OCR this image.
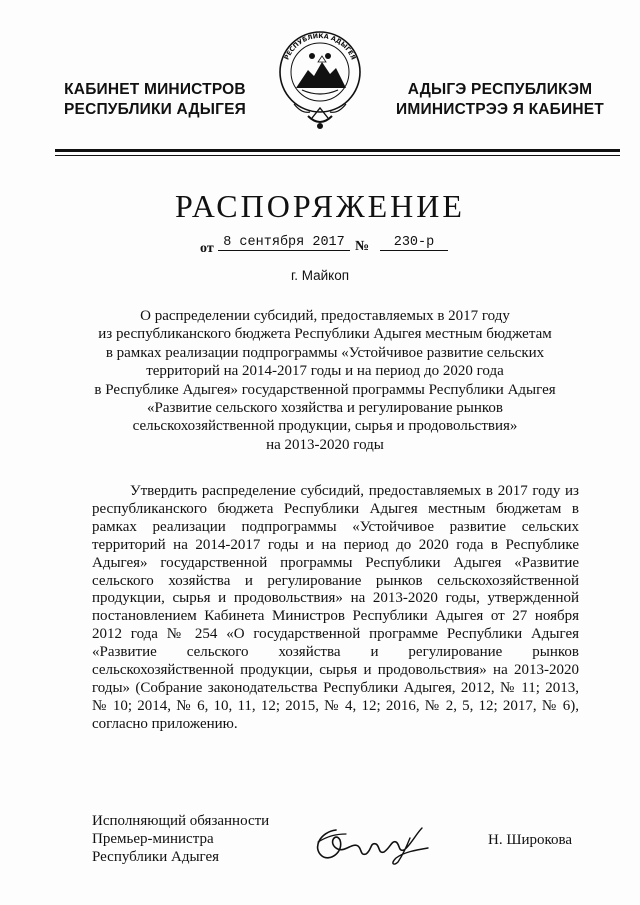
КАБИНЕТ МИНИСТРОВ
РЕСПУБЛИКИ АДЫГЕЯ
РЕСПУБЛИКА АДЫГЕЯ
АДЫГЭ РЕСПУБЛИКЭМ
ИМИНИСТРЭЭ Я КАБИНЕТ
РАСПОРЯЖЕНИЕ
от 8 сентября 2017 №	230-р
г. Майкоп
О распределении субсидий, предоставляемых в 2017 году
из республиканского бюджета Республики Адыгея местным бюджетам
в рамках реализации подпрограммы «Устойчивое развитие сельских
территорий на 2014-2017 годы и на период до 2020 года
в Республике Адыгея» государственной программы Республики Адыгея
«Развитие сельского хозяйства и регулирование рынков
сельскохозяйственной продукции, сырья и продовольствия»
на 2013-2020 годы
Утвердить распределение субсидий, предоставляемых в 2017 году из
республиканского бюджета Республики Адыгея местным бюджетам в
рамках реализации подпрограммы «Устойчивое развитие сельских
территорий на 2014-2017 годы и на период до 2020 года в Республике
Адыгея» государственной программы Республики Адыгея «Развитие
сельского хозяйства и регулирование рынков сельскохозяйственной
продукции, сырья и продовольствия» на 2013-2020 годы, утвержденной
постановлением Кабинета Министров Республики Адыгея от 27 ноября
2012 года № 254 «О государственной программе Республики Адыгея
«Развитие сельского хозяйства и регулирование рынков
сельскохозяйственной продукции, сырья и продовольствия» на 2013-2020
годы» (Собрание законодательства Республики Адыгея, 2012, № 11; 2013,
№ 10; 2014, № 6, 10, 11, 12; 2015, № 4, 12; 2016, № 2, 5, 12; 2017, № 6),
согласно приложению.
Исполняющий обязанности
Премьер-министра
Республики Адыгея
Н. Широкова
